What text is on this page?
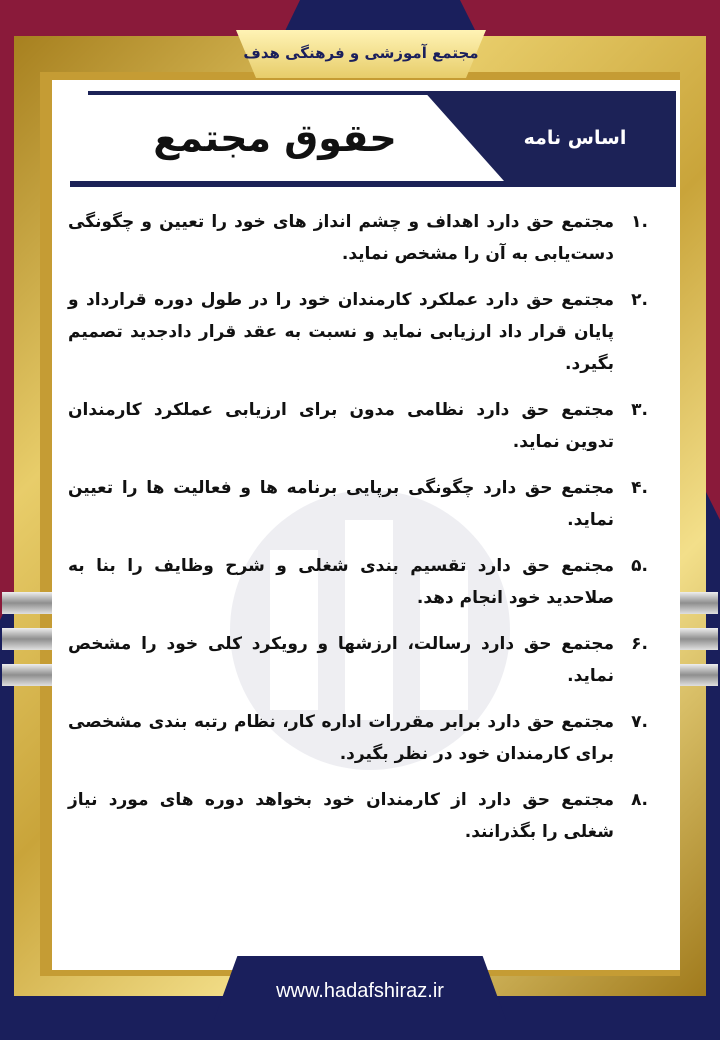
مجتمع آموزشی و فرهنگی هدف
حقوق مجتمع	اساس نامه
.۱
مجتمع حق دارد اهداف و چشم انداز های خود را تعیین و چگونگی دست‌یابی به آن را مشخص نماید.
.۲
مجتمع حق دارد عملکرد کارمندان خود را در طول دوره قرارداد و پایان قرار داد ارزیابی نماید و نسبت به عقد قرار دادجدید تصمیم بگیرد.
.۳
مجتمع حق دارد نظامی مدون برای ارزیابی عملکرد کارمندان تدوین نماید.
.۴
مجتمع حق دارد چگونگی برپایی برنامه ها و فعالیت ها را تعیین نماید.
.۵
مجتمع حق دارد تقسیم بندی شغلی و شرح وظایف را بنا به صلاحدید خود انجام دهد.
.۶
مجتمع حق دارد رسالت، ارزشها و رویکرد کلی خود را مشخص نماید.
.۷
مجتمع حق دارد برابر مقررات اداره کار، نظام رتبه بندی مشخصی برای کارمندان خود در نظر بگیرد.
.۸
مجتمع حق دارد از کارمندان خود بخواهد دوره های مورد نیاز شغلی را بگذرانند.
www.hadafshiraz.ir
